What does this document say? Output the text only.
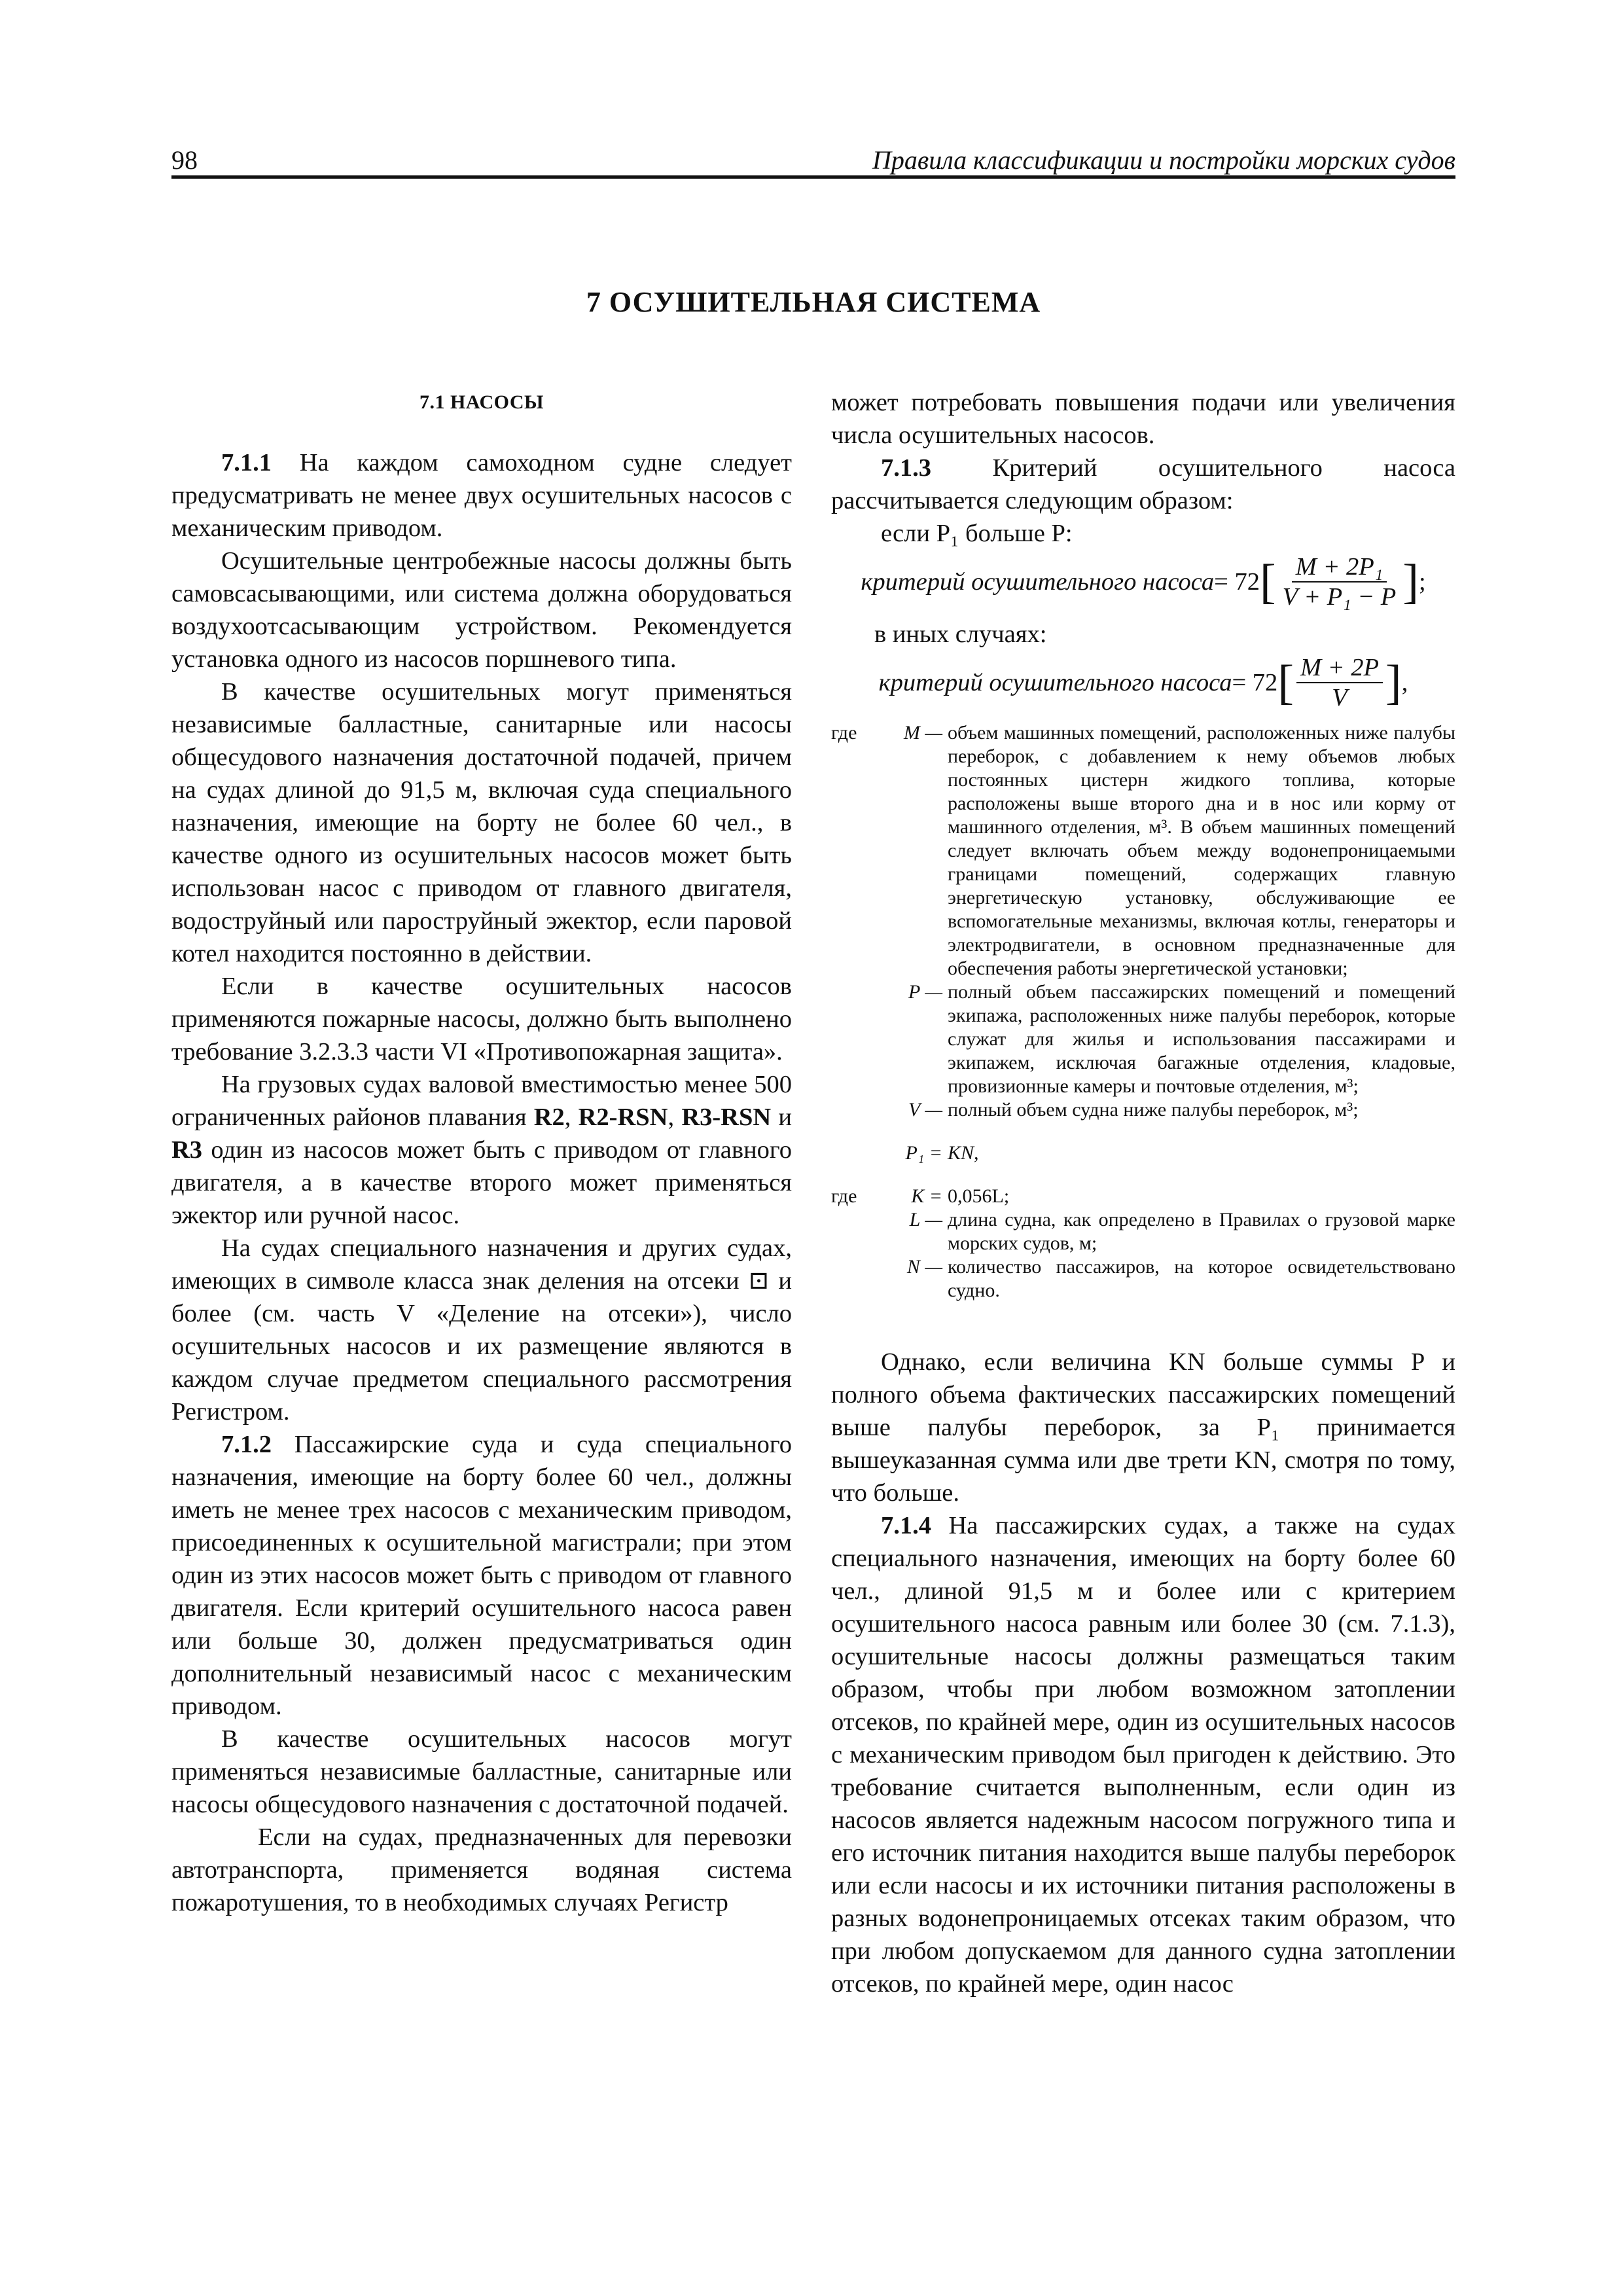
98	Правила классификации и постройки морских судов
7 ОСУШИТЕЛЬНАЯ СИСТЕМА

7.1 НАСОСЫ

7.1.1 На каждом самоходном судне следует предусматривать не менее двух осушительных насосов с механическим приводом.

Осушительные центробежные насосы должны быть самовсасывающими, или система должна оборудоваться воздухоотсасывающим устройством. Рекомендуется установка одного из насосов поршневого типа.

В качестве осушительных могут применяться независимые балластные, санитарные или насосы общесудового назначения достаточной подачей, причем на судах длиной до 91,5 м, включая суда специального назначения, имеющие на борту не более 60 чел., в качестве одного из осушительных насосов может быть использован насос с приводом от главного двигателя, водоструйный или пароструйный эжектор, если паровой котел находится постоянно в действии.

Если в качестве осушительных насосов применяются пожарные насосы, должно быть выполнено требование 3.2.3.3 части VI «Противопожарная защита».

На грузовых судах валовой вместимостью менее 500 ограниченных районов плавания R2, R2-RSN, R3-RSN и R3 один из насосов может быть с приводом от главного двигателя, а в качестве второго может применяться эжектор или ручной насос.

На судах специального назначения и других судах, имеющих в символе класса знак деления на отсеки ⊡ и более (см. часть V «Деление на отсеки»), число осушительных насосов и их размещение являются в каждом случае предметом специального рассмотрения Регистром.

7.1.2 Пассажирские суда и суда специального назначения, имеющие на борту более 60 чел., должны иметь не менее трех насосов с механическим приводом, присоединенных к осушительной магистрали; при этом один из этих насосов может быть с приводом от главного двигателя. Если критерий осушительного насоса равен или больше 30, должен предусматриваться один дополнительный независимый насос с механическим приводом.

В качестве осушительных насосов могут применяться независимые балластные, санитарные или насосы общесудового назначения с достаточной подачей.

Если на судах, предназначенных для перевозки автотранспорта, применяется водяная система пожаротушения, то в необходимых случаях Регистр

может потребовать повышения подачи или увеличения числа осушительных насосов.

7.1.3 Критерий осушительного насоса рассчитывается следующим образом:

если P₁ больше P:

критерий осушительного насоса = 72 [ $\frac{\text{M + 2P₁}}{\text{V + P₁ − P}}$ ] ;

в иных случаях:

критерий осушительного насоса = 72 [ $\frac{M + 2P}{V}$ ] ,
где	M — объем машинных помещений, расположенных ниже палубы переборок, с добавлением к нему объемов любых постоянных цистерн жидкого топлива, которые расположены выше второго дна и в нос или корму от машинного отделения, м³. В объем машинных помещений следует включать объем между водонепроницаемыми границами помещений, содержащих главную энергетическую установку, обслуживающие ее вспомогательные механизмы, включая котлы, генераторы и электродвигатели, в основном предназначенные для обеспечения работы энергетической установки;
P — полный объем пассажирских помещений и помещений экипажа, расположенных ниже палубы переборок, которые служат для жилья и использования пассажирами и экипажем, исключая багажные отделения, кладовые, провизионные камеры и почтовые отделения, м³;
V — полный объем судна ниже палубы переборок, м³;
P₁ = KN,
где	K = 0,056L;
L — длина судна, как определено в Правилах о грузовой марке морских судов, м;
N — количество пассажиров, на которое освидетельствовано судно.

Однако, если величина KN больше суммы P и полного объема фактических пассажирских помещений выше палубы переборок, за P₁ принимается вышеуказанная сумма или две трети KN, смотря по тому, что больше.

7.1.4 На пассажирских судах, а также на судах специального назначения, имеющих на борту более 60 чел., длиной 91,5 м и более или с критерием осушительного насоса равным или более 30 (см. 7.1.3), осушительные насосы должны размещаться таким образом, чтобы при любом возможном затоплении отсеков, по крайней мере, один из осушительных насосов с механическим приводом был пригоден к действию. Это требование считается выполненным, если один из насосов является надежным насосом погружного типа и его источник питания находится выше палубы переборок или если насосы и их источники питания расположены в разных водонепроницаемых отсеках таким образом, что при любом допускаемом для данного судна затоплении отсеков, по крайней мере, один насос
